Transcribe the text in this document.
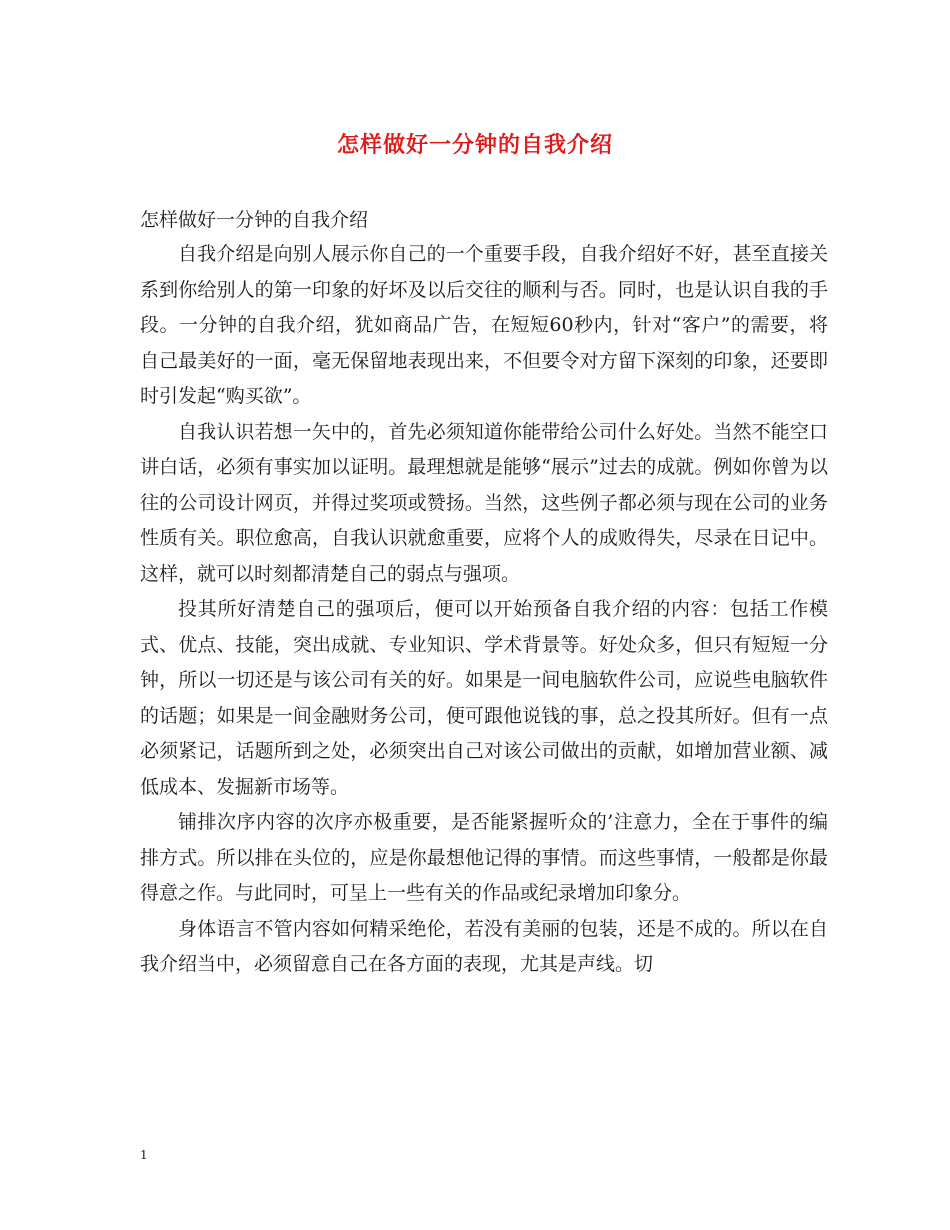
怎样做好一分钟的自我介绍

怎样做好一分钟的自我介绍

自我介绍是向别人展示你自己的一个重要手段，自我介绍好不好，甚至直接关系到你给别人的第一印象的好坏及以后交往的顺利与否。同时，也是认识自我的手段。一分钟的自我介绍，犹如商品广告，在短短60秒内，针对“客户”的需要，将自己最美好的一面，毫无保留地表现出来，不但要令对方留下深刻的印象，还要即时引发起“购买欲”。

自我认识若想一矢中的，首先必须知道你能带给公司什么好处。当然不能空口讲白话，必须有事实加以证明。最理想就是能够“展示”过去的成就。例如你曾为以往的公司设计网页，并得过奖项或赞扬。当然，这些例子都必须与现在公司的业务性质有关。职位愈高，自我认识就愈重要，应将个人的成败得失，尽录在日记中。这样，就可以时刻都清楚自己的弱点与强项。

投其所好清楚自己的强项后，便可以开始预备自我介绍的内容：包括工作模式、优点、技能，突出成就、专业知识、学术背景等。好处众多，但只有短短一分钟，所以一切还是与该公司有关的好。如果是一间电脑软件公司，应说些电脑软件的话题；如果是一间金融财务公司，便可跟他说钱的事，总之投其所好。但有一点必须紧记，话题所到之处，必须突出自己对该公司做出的贡献，如增加营业额、减低成本、发掘新市场等。

铺排次序内容的次序亦极重要，是否能紧握听众的’注意力，全在于事件的编排方式。所以排在头位的，应是你最想他记得的事情。而这些事情，一般都是你最得意之作。与此同时，可呈上一些有关的作品或纪录增加印象分。

身体语言不管内容如何精采绝伦，若没有美丽的包装，还是不成的。所以在自我介绍当中，必须留意自己在各方面的表现，尤其是声线。切

1
